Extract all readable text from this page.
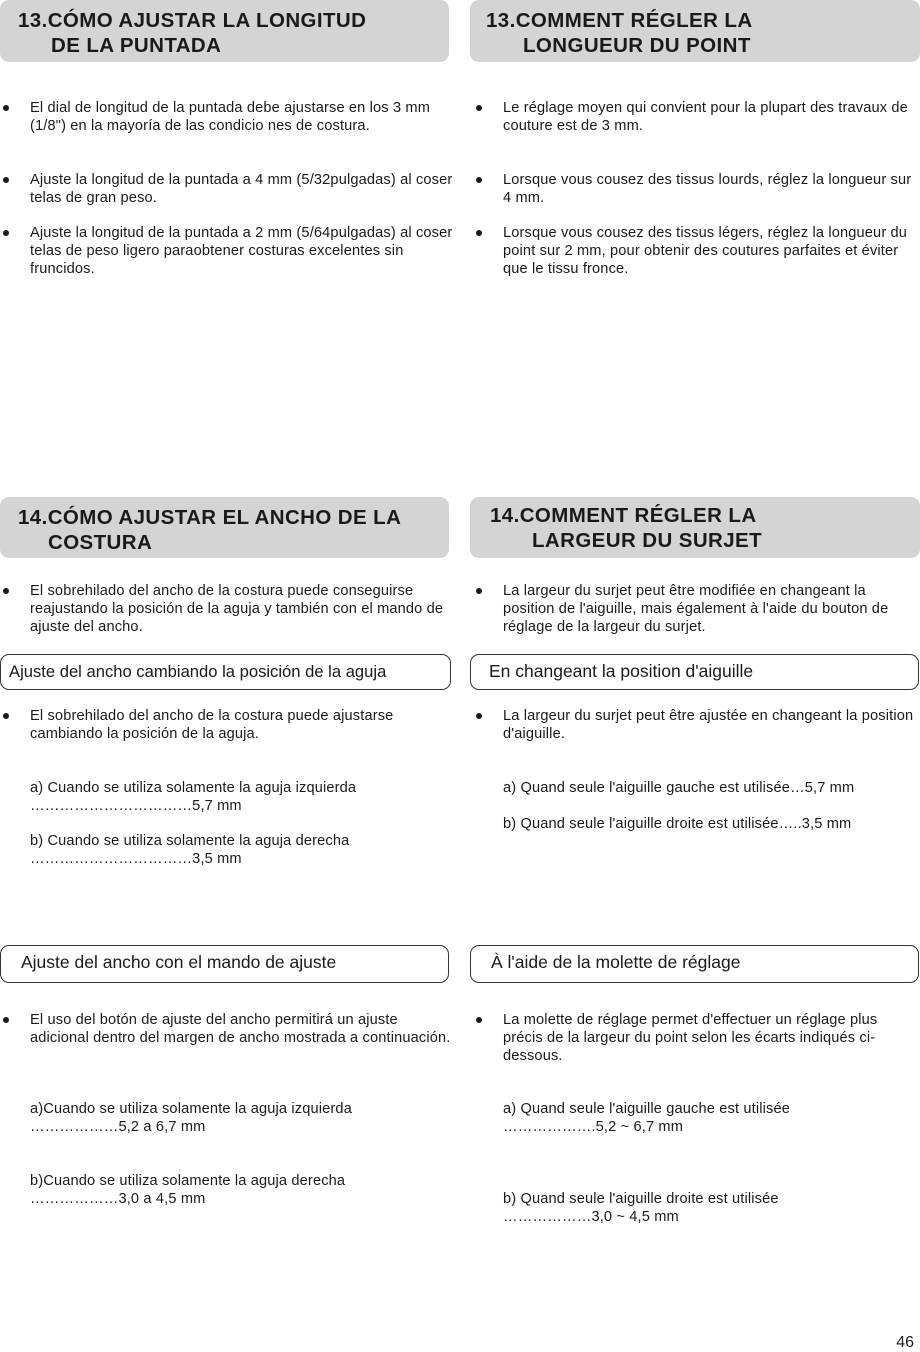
13.CÓMO AJUSTAR LA LONGITUD
DE LA PUNTADA
13.COMMENT RÉGLER LA
LONGUEUR DU POINT
El dial de longitud de la puntada debe ajustarse en los 3 mm (1/8") en la mayoría de las condicio nes de costura.
Ajuste la longitud de la puntada a 4 mm (5/32pulgadas) al coser telas de gran peso.
Ajuste la longitud de la puntada a 2 mm (5/64pulgadas) al coser telas de peso ligero paraobtener costuras excelentes sin fruncidos.
Le réglage moyen qui convient pour la plupart des travaux de couture est de 3 mm.
Lorsque vous cousez des tissus lourds, réglez la longueur sur 4 mm.
Lorsque vous cousez des tissus légers, réglez la longueur du point sur 2 mm, pour obtenir des coutures parfaites et éviter que le tissu fronce.
14.CÓMO AJUSTAR EL ANCHO DE LA
COSTURA
14.COMMENT RÉGLER LA
LARGEUR DU SURJET
El sobrehilado del ancho de la costura puede conseguirse reajustando la posición de la aguja y también con el mando de ajuste del ancho.
La largeur du surjet peut être modifiée en changeant la position de l'aiguille, mais également à l'aide du bouton de réglage de la largeur du surjet.
Ajuste del ancho cambiando la posición de la aguja	En changeant la position d'aiguille
El sobrehilado del ancho de la costura puede ajustarse cambiando la posición de la aguja.
a) Cuando se utiliza solamente la aguja izquierda
……………………………5,7 mm
b) Cuando se utiliza solamente la aguja derecha
……………………………3,5 mm
La largeur du surjet peut être ajustée en changeant la position d'aiguille.
a) Quand seule l'aiguille gauche est utilisée…5,7 mm
b) Quand seule l'aiguille droite est utilisée…..3,5 mm
Ajuste del ancho con el mando de ajuste	À l'aide de la molette de réglage
El uso del botón de ajuste del ancho permitirá un ajuste adicional dentro del margen de ancho mostrada a continuación.
a)Cuando se utiliza solamente la aguja izquierda
………………5,2 a 6,7 mm
b)Cuando se utiliza solamente la aguja derecha
………………3,0 a 4,5 mm
La molette de réglage permet d'effectuer un réglage plus précis de la largeur du point selon les écarts indiqués ci-dessous.
a) Quand seule l'aiguille gauche est utilisée
……………….5,2 ~ 6,7 mm
b) Quand seule l'aiguille droite est utilisée
………………3,0 ~ 4,5 mm
46
